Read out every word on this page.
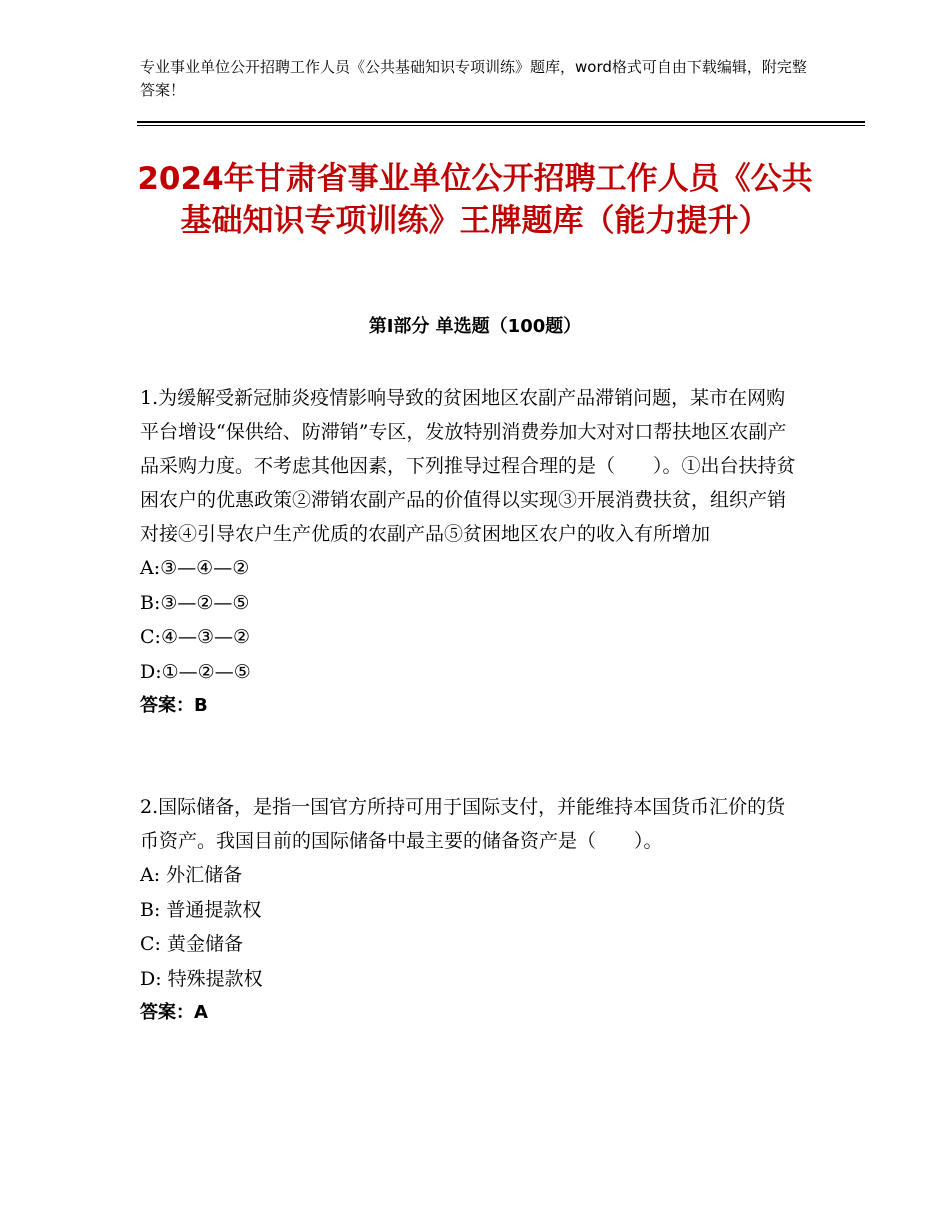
专业事业单位公开招聘工作人员《公共基础知识专项训练》题库，word格式可自由下载编辑，附完整答案！
2024年甘肃省事业单位公开招聘工作人员《公共基础知识专项训练》王牌题库（能力提升）
第Ⅰ部分 单选题（100题）

1.为缓解受新冠肺炎疫情影响导致的贫困地区农副产品滞销问题，某市在网购平台增设“保供给、防滞销”专区，发放特别消费券加大对对口帮扶地区农副产品采购力度。不考虑其他因素，下列推导过程合理的是（　　）。①出台扶持贫困农户的优惠政策②滞销农副产品的价值得以实现③开展消费扶贫，组织产销对接④引导农户生产优质的农副产品⑤贫困地区农户的收入有所增加

A:③—④—②

B:③—②—⑤

C:④—③—②

D:①—②—⑤

答案：B

2.国际储备，是指一国官方所持可用于国际支付，并能维持本国货币汇价的货币资产。我国目前的国际储备中最主要的储备资产是（　　）。

A: 外汇储备

B: 普通提款权

C: 黄金储备

D: 特殊提款权

答案：A
